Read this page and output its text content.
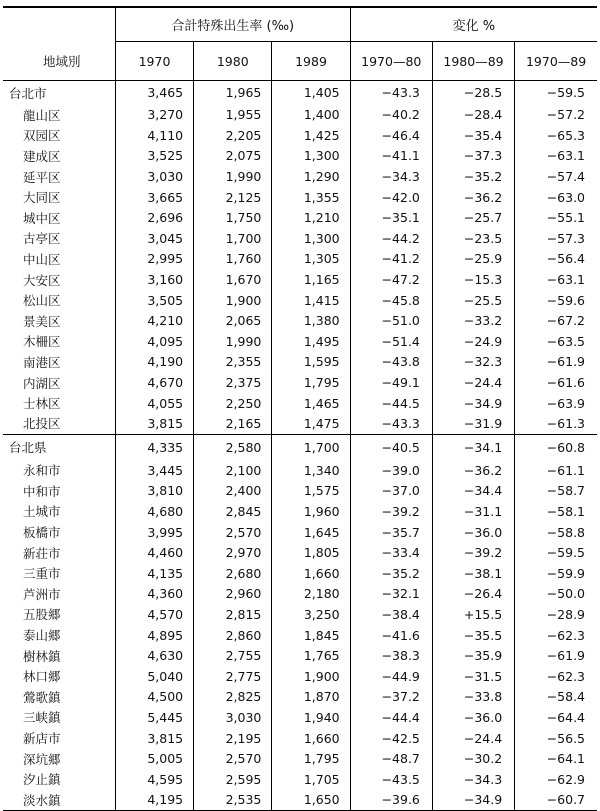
	合計特殊出生率 (‰)			変化 %		
地域別	1970	1980	1989	1970—80	1980—89	1970—89
台北市	3,465	1,965	1,405	−43.3	−28.5	−59.5
龍山区	3,270	1,955	1,400	−40.2	−28.4	−57.2
双园区	4,110	2,205	1,425	−46.4	−35.4	−65.3
建成区	3,525	2,075	1,300	−41.1	−37.3	−63.1
延平区	3,030	1,990	1,290	−34.3	−35.2	−57.4
大同区	3,665	2,125	1,355	−42.0	−36.2	−63.0
城中区	2,696	1,750	1,210	−35.1	−25.7	−55.1
古亭区	3,045	1,700	1,300	−44.2	−23.5	−57.3
中山区	2,995	1,760	1,305	−41.2	−25.9	−56.4
大安区	3,160	1,670	1,165	−47.2	−15.3	−63.1
松山区	3,505	1,900	1,415	−45.8	−25.5	−59.6
景美区	4,210	2,065	1,380	−51.0	−33.2	−67.2
木柵区	4,095	1,990	1,495	−51.4	−24.9	−63.5
南港区	4,190	2,355	1,595	−43.8	−32.3	−61.9
内湖区	4,670	2,375	1,795	−49.1	−24.4	−61.6
士林区	4,055	2,250	1,465	−44.5	−34.9	−63.9
北投区	3,815	2,165	1,475	−43.3	−31.9	−61.3
台北県	4,335	2,580	1,700	−40.5	−34.1	−60.8
永和市	3,445	2,100	1,340	−39.0	−36.2	−61.1
中和市	3,810	2,400	1,575	−37.0	−34.4	−58.7
土城市	4,680	2,845	1,960	−39.2	−31.1	−58.1
板橋市	3,995	2,570	1,645	−35.7	−36.0	−58.8
新荘市	4,460	2,970	1,805	−33.4	−39.2	−59.5
三重市	4,135	2,680	1,660	−35.2	−38.1	−59.9
芦洲市	4,360	2,960	2,180	−32.1	−26.4	−50.0
五股郷	4,570	2,815	3,250	−38.4	+15.5	−28.9
泰山郷	4,895	2,860	1,845	−41.6	−35.5	−62.3
樹林鎮	4,630	2,755	1,765	−38.3	−35.9	−61.9
林口郷	5,040	2,775	1,900	−44.9	−31.5	−62.3
鶯歌鎮	4,500	2,825	1,870	−37.2	−33.8	−58.4
三峡鎮	5,445	3,030	1,940	−44.4	−36.0	−64.4
新店市	3,815	2,195	1,660	−42.5	−24.4	−56.5
深坑郷	5,005	2,570	1,795	−48.7	−30.2	−64.1
汐止鎮	4,595	2,595	1,705	−43.5	−34.3	−62.9
淡水鎮	4,195	2,535	1,650	−39.6	−34.9	−60.7
